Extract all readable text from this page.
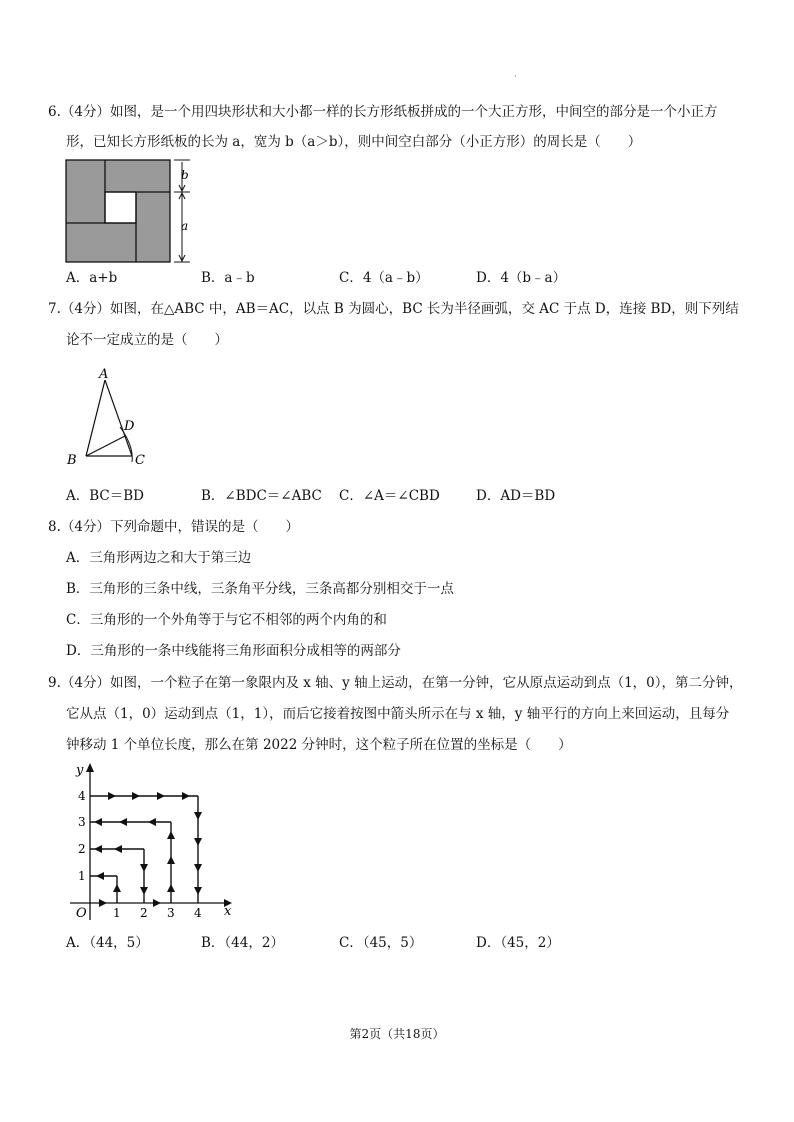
·
6.（4分）如图，是一个用四块形状和大小都一样的长方形纸板拼成的一个大正方形，中间空的部分是一个小正方
形，已知长方形纸板的长为 a，宽为 b（a＞b），则中间空白部分（小正方形）的周长是（　　）
b
a
A．a+b	B．a﹣b	C．4（a﹣b）	D．4（b﹣a）
7.（4分）如图，在△ABC 中，AB＝AC，以点 B 为圆心，BC 长为半径画弧，交 AC 于点 D，连接 BD，则下列结
论不一定成立的是（　　）
A
B	C
D
A．BC＝BD	B．∠BDC＝∠ABC C．∠A＝∠CBD	D．AD＝BD
8.（4分）下列命题中，错误的是（　　）
A．三角形两边之和大于第三边
B．三角形的三条中线，三条角平分线，三条高都分别相交于一点
C．三角形的一个外角等于与它不相邻的两个内角的和
D．三角形的一条中线能将三角形面积分成相等的两部分
9.（4分）如图，一个粒子在第一象限内及 x 轴、y 轴上运动，在第一分钟，它从原点运动到点（1，0），第二分钟，
它从点（1，0）运动到点（1，1），而后它接着按图中箭头所示在与 x 轴，y 轴平行的方向上来回运动，且每分
钟移动 1 个单位长度，那么在第 2022 分钟时，这个粒子所在位置的坐标是（　　）
y
x
O 1 2 3 4
1
2
3
4
A．（44，5）	B．（44，2）	C．（45，5）	D．（45，2）
第2页（共18页）
